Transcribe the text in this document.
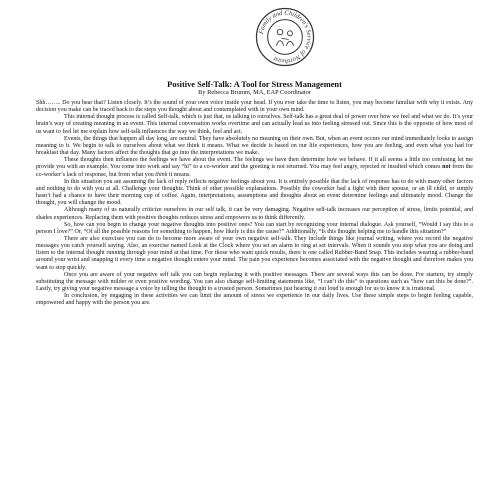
Family and Children's Service of Northeast
Positive Self-Talk: A Tool for Stress Management
By Rebecca Brumm, MA, EAP Coordinator

Shh…….. Do you hear that? Listen closely. It’s the sound of your own voice inside your head. If you ever take the time to listen, you may become familiar with why it exists. Any decision you make can be traced back to the steps you thought about and contemplated with in your own mind.

This internal thought process is called Self-talk, which is just that, us talking to ourselves. Self-talk has a great deal of power over how we feel and what we do. It’s your brain’s way of creating meaning in an event. This internal conversation works overtime and can actually lead us into feeling stressed out. Since this is the opposite of how most of us want to feel let me explain how self-talk influences the way we think, feel and act.

Events, the things that happen all day long, are neutral. They have absolutely no meaning on their own. But, when an event occurs our mind immediately looks to assign meaning to it. We begin to talk to ourselves about what we think it means. What we decide is based on our life experiences, how you are feeling, and even what you had for breakfast that day. Many factors affect the thoughts that go into the interpretations we make.

These thoughts then influence the feelings we have about the event. The feelings we have then determine how we behave. If it all seems a little too confusing let me provide you with an example. You come into work and say “hi” to a co-worker and the greeting is not returned. You may feel angry, rejected or insulted which comes not from the co-worker’s lack of response, but from what you think it means.

In this situation you are assuming the lack of reply reflects negative feelings about you. It is entirely possible that the lack of response has to do with many other factors and nothing to do with you at all. Challenge your thoughts. Think of other possible explanations. Possibly the coworker had a fight with their spouse, or an ill child, or simply hasn’t had a chance to have their morning cup of coffee. Again, interpretations, assumptions and thoughts about an event determine feelings and ultimately mood. Change the thought, you will change the mood.

Although many of us naturally criticize ourselves in our self talk, it can be very damaging. Negative self-talk increases our perception of stress, limits potential, and shades experiences. Replacing them with positive thoughts reduces stress and empowers us to think differently.

So, how can you begin to change your negative thoughts into positive ones? You can start by recognizing your internal dialogue. Ask yourself, “Would I say this to a person I love?” Or, “Of all the possible reasons for something to happen, how likely is this the cause?” Additionally, “Is this thought helping me to handle this situation?”

There are also exercises you can do to become more aware of your own negative self-talk. They include things like journal writing, where you record the negative messages you catch yourself saying. Also, an exercise named Look at the Clock where you set an alarm to ring at set intervals. When it sounds you stop what you are doing and listen to the internal thought running through your mind at that time. For those who want quick results, there is one called Rubber-Band Snap. This includes wearing a rubber-band around your wrist and snapping it every time a negative thought enters your mind. The pain you experience becomes associated with the negative thought and therefore makes you want to stop quickly.

Once you are aware of your negative self talk you can begin replacing it with positive messages. There are several ways this can be done. For starters, try simply substituting the message with milder or even positive wording. You can also change self-limiting statements like, “I can’t do this” to questions such as “how can this be done?”. Lastly, try giving your negative message a voice by telling the thought to a trusted person. Sometimes just hearing it out loud is enough for us to know it is irrational.

In conclusion, by engaging in these activities we can limit the amount of stress we experience in our daily lives. Use these simple steps to begin feeling capable, empowered and happy with the person you are.
